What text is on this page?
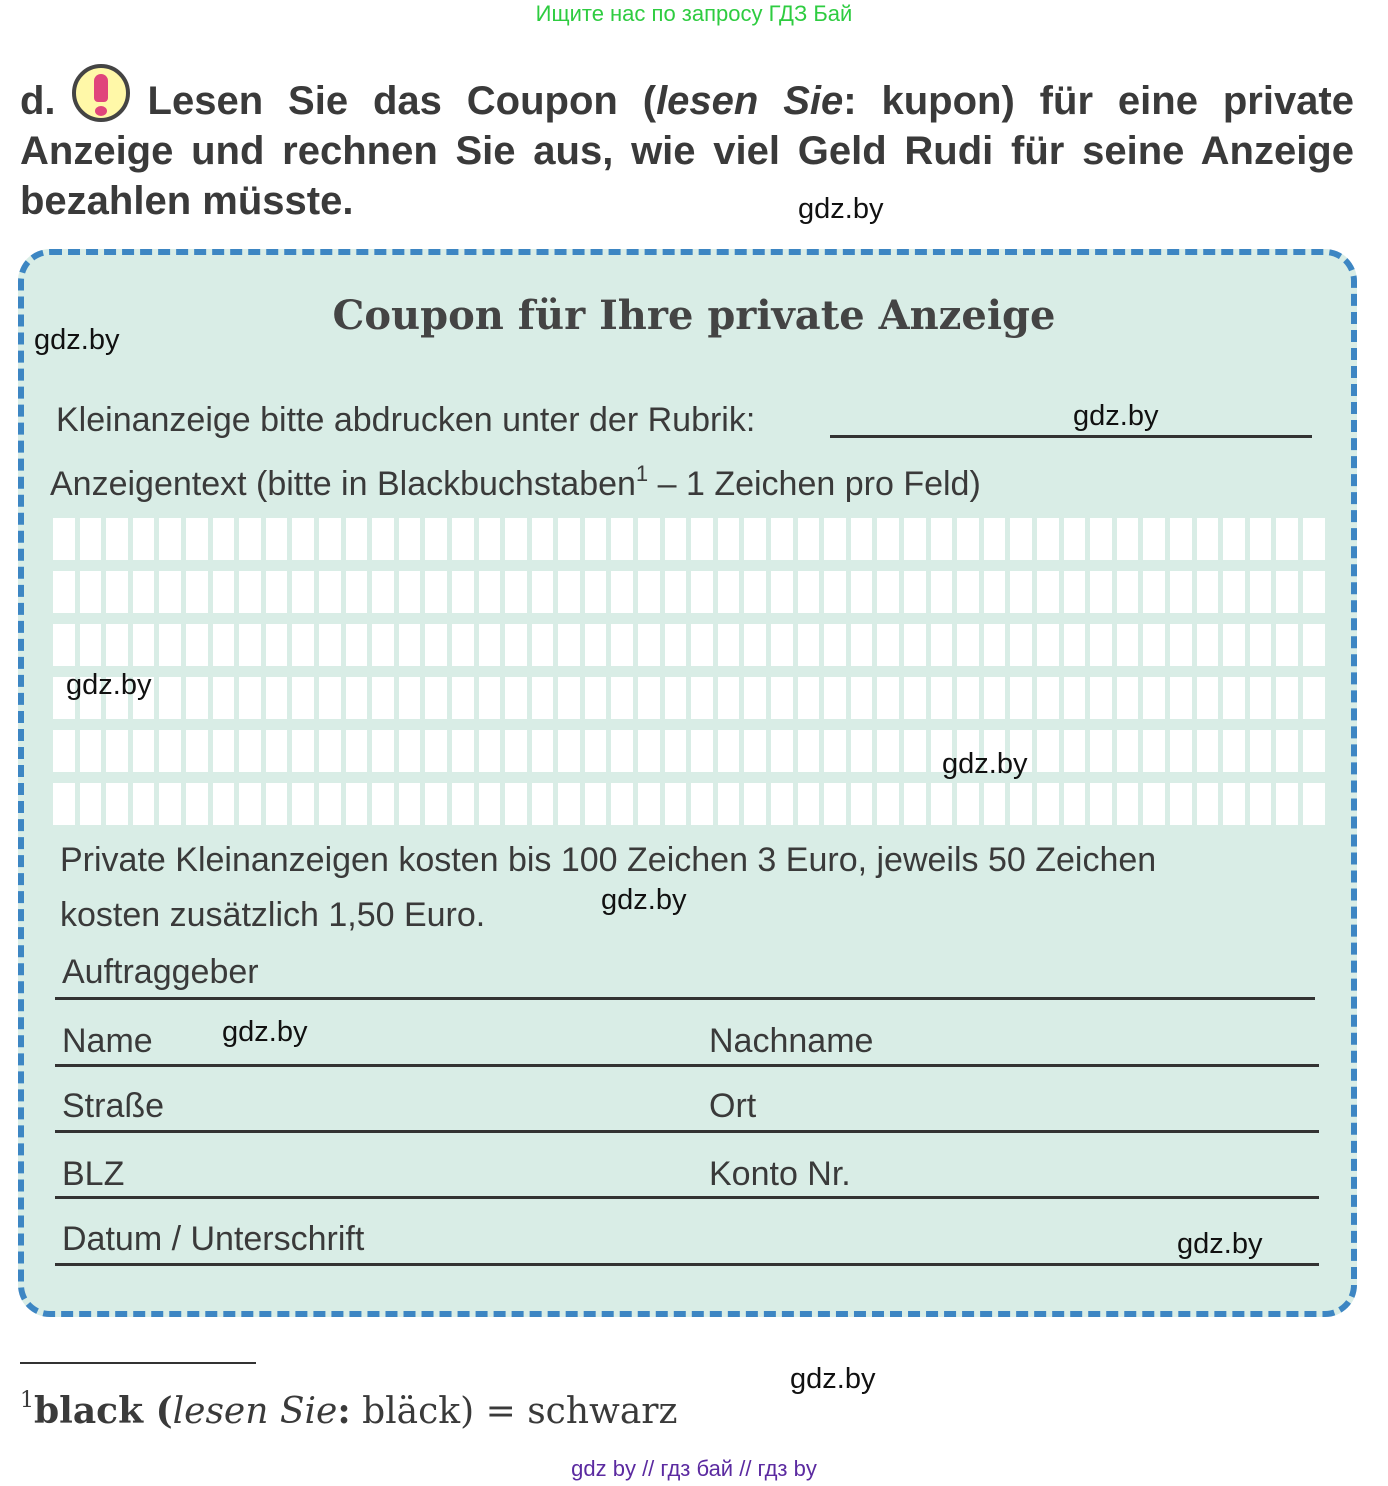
Ищите нас по запросу ГДЗ Бай
d. Lesen Sie das Coupon (lesen Sie: kupon) für eine private Anzeige und rechnen Sie aus, wie viel Geld Rudi für seine Anzeige bezahlen müsste.
Coupon für Ihre private Anzeige
Kleinanzeige bitte abdrucken unter der Rubrik:
Anzeigentext (bitte in Blackbuchstaben$^1$ – 1 Zeichen pro Feld)
Private Kleinanzeigen kosten bis 100 Zeichen 3 Euro, jeweils 50 Zeichen
kosten zusätzlich 1,50 Euro.
Auftraggeber
Name	Nachname
Straße	Ort
BLZ	Konto Nr.
Datum / Unterschrift
gdz.by
gdz.by
gdz.by
gdz.by
gdz.by
gdz.by
gdz.by
gdz.by
gdz.by
$^1$black (lesen Sie: bläck) = schwarz
gdz by // гдз бай // гдз by
